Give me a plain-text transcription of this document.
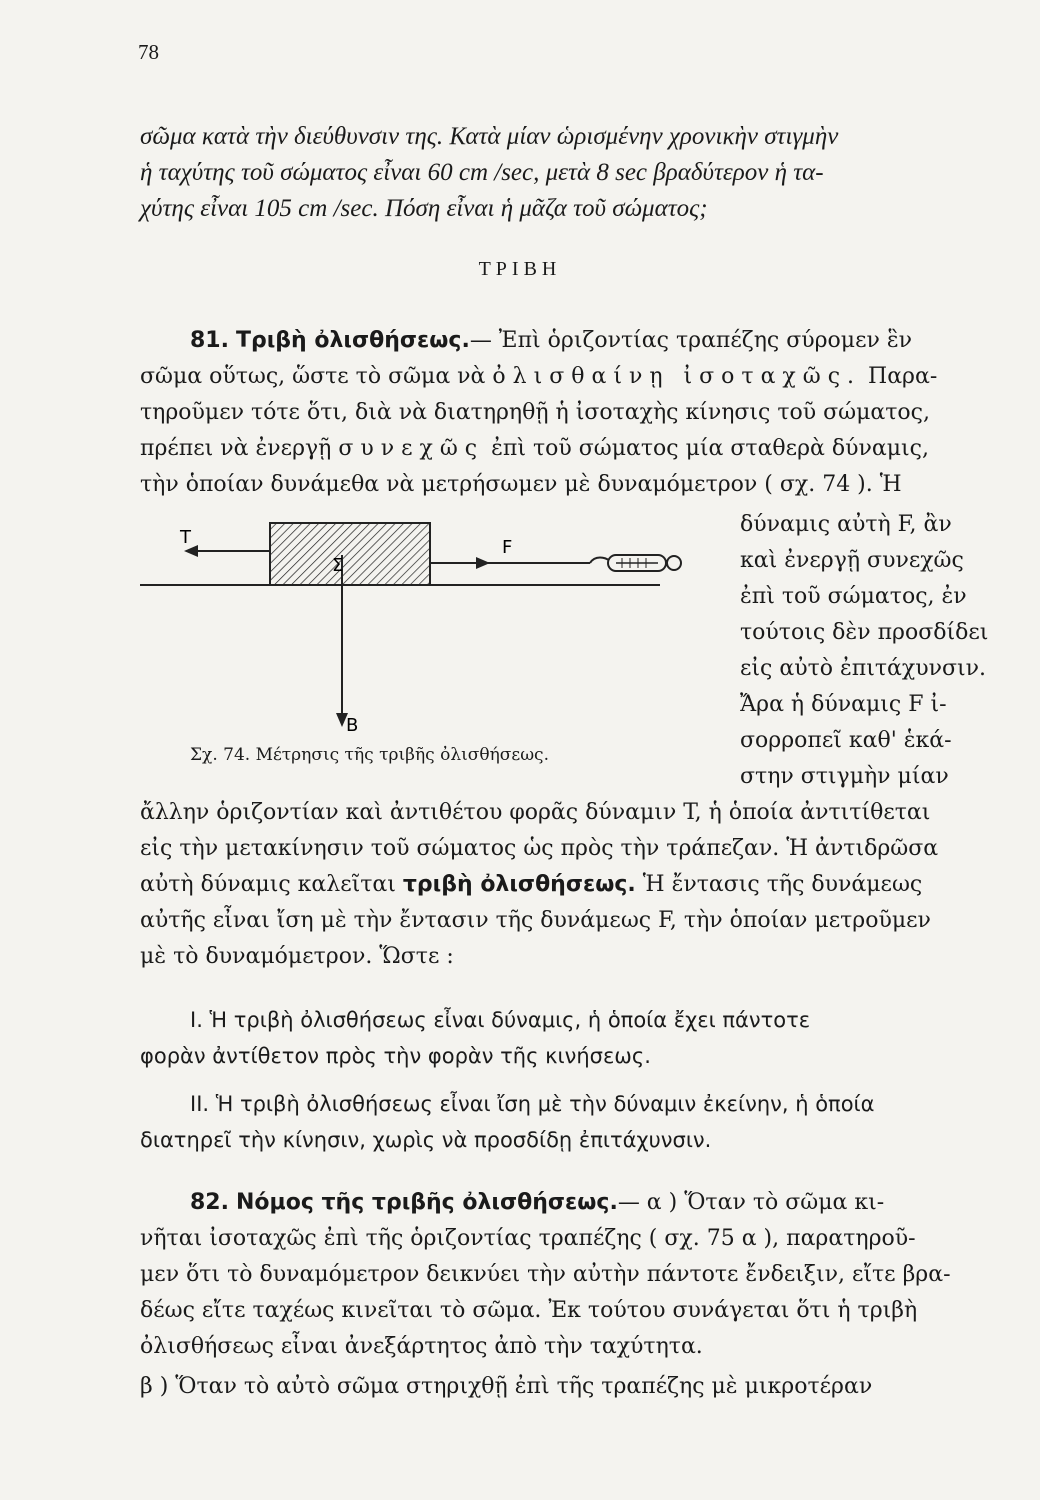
78
σῶμα κατὰ τὴν διεύθυνσιν της. Κατὰ μίαν ὡρισμένην χρονικὴν στιγμὴν
ἡ ταχύτης τοῦ σώματος εἶναι 60 cm /sec, μετὰ 8 sec βραδύτερον ἡ τα-
χύτης εἶναι 105 cm /sec. Πόση εἶναι ἡ μᾶζα τοῦ σώματος;
ΤΡΙΒΗ
81. Τριβὴ ὀλισθήσεως.— Ἐπὶ ὁριζοντίας τραπέζης σύρομεν ἓν
σῶμα οὕτως, ὥστε τὸ σῶμα νὰ ὀλισθαίνῃ ἰσοταχῶς. Παρα-
τηροῦμεν τότε ὅτι, διὰ νὰ διατηρηθῇ ἡ ἰσοταχὴς κίνησις τοῦ σώματος,
πρέπει νὰ ἐνεργῇ συνεχῶς ἐπὶ τοῦ σώματος μία σταθερὰ δύναμις,
τὴν ὁποίαν δυνάμεθα νὰ μετρήσωμεν μὲ δυναμόμετρον ( σχ. 74 ). Ἡ
δύναμις αὐτὴ F, ἂν
καὶ ἐνεργῇ συνεχῶς
ἐπὶ τοῦ σώματος, ἐν
τούτοις δὲν προσδίδει
εἰς αὐτὸ ἐπιτάχυνσιν.
Ἄρα ἡ δύναμις F ἰ-
σορροπεῖ καθ' ἑκά-
στην στιγμὴν μίαν
T	F
Σ
B
Σχ. 74. Μέτρησις τῆς τριβῆς ὀλισθήσεως.
ἄλλην ὁριζοντίαν καὶ ἀντιθέτου φορᾶς δύναμιν T, ἡ ὁποία ἀντιτίθεται
εἰς τὴν μετακίνησιν τοῦ σώματος ὡς πρὸς τὴν τράπεζαν. Ἡ ἀντιδρῶσα
αὐτὴ δύναμις καλεῖται τριβὴ ὀλισθήσεως. Ἡ ἔντασις τῆς δυνάμεως
αὐτῆς εἶναι ἴση μὲ τὴν ἔντασιν τῆς δυνάμεως F, τὴν ὁποίαν μετροῦμεν
μὲ τὸ δυναμόμετρον. Ὥστε :
I. Ἡ τριβὴ ὀλισθήσεως εἶναι δύναμις, ἡ ὁποία ἔχει πάντοτε
φορὰν ἀντίθετον πρὸς τὴν φορὰν τῆς κινήσεως.
II. Ἡ τριβὴ ὀλισθήσεως εἶναι ἴση μὲ τὴν δύναμιν ἐκείνην, ἡ ὁποία
διατηρεῖ τὴν κίνησιν, χωρὶς νὰ προσδίδῃ ἐπιτάχυνσιν.
82. Νόμος τῆς τριβῆς ὀλισθήσεως.— α ) Ὅταν τὸ σῶμα κι-
νῆται ἰσοταχῶς ἐπὶ τῆς ὁριζοντίας τραπέζης ( σχ. 75 α ), παρατηροῦ-
μεν ὅτι τὸ δυναμόμετρον δεικνύει τὴν αὐτὴν πάντοτε ἔνδειξιν, εἴτε βρα-
δέως εἴτε ταχέως κινεῖται τὸ σῶμα. Ἐκ τούτου συνάγεται ὅτι ἡ τριβὴ
ὀλισθήσεως εἶναι ἀνεξάρτητος ἀπὸ τὴν ταχύτητα.
β ) Ὅταν τὸ αὐτὸ σῶμα στηριχθῇ ἐπὶ τῆς τραπέζης μὲ μικροτέραν
